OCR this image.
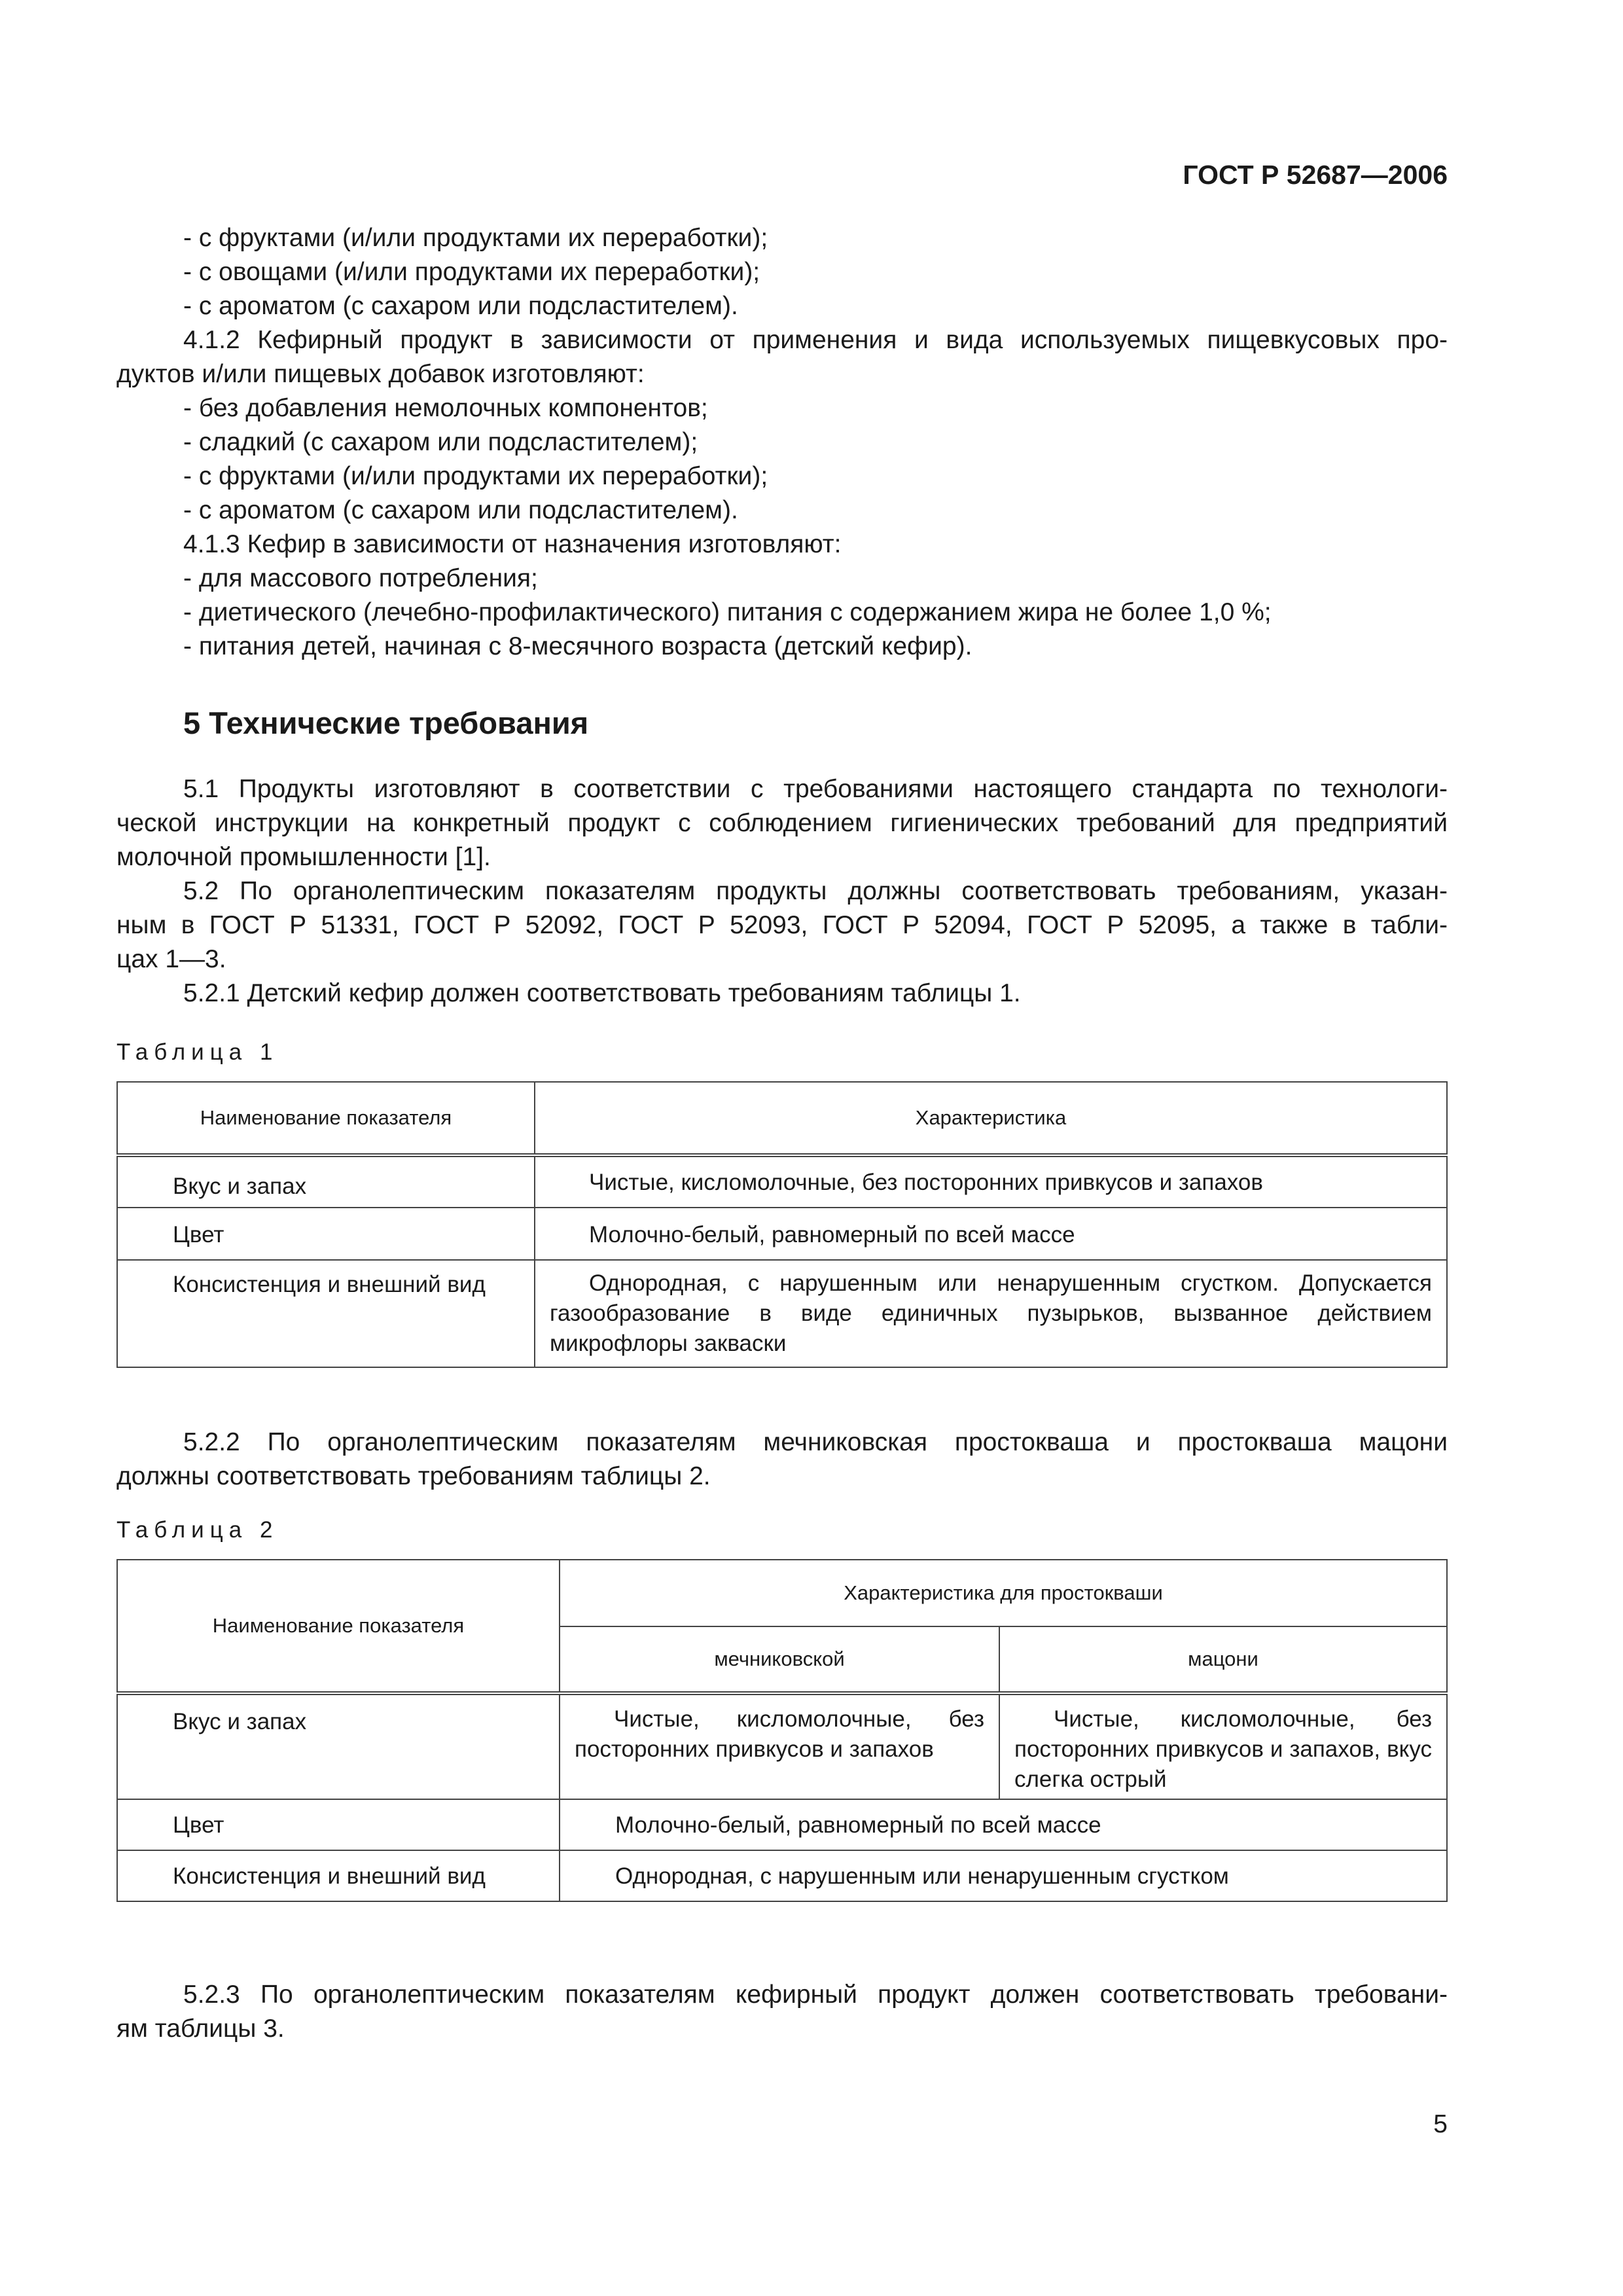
ГОСТ Р 52687—2006
- с фруктами (и/или продуктами их переработки);
- с овощами (и/или продуктами их переработки);
- с ароматом (с сахаром или подсластителем).
4.1.2 Кефирный продукт в зависимости от применения и вида используемых пищевкусовых про-
дуктов и/или пищевых добавок изготовляют:
- без добавления немолочных компонентов;
- сладкий (с сахаром или подсластителем);
- с фруктами (и/или продуктами их переработки);
- с ароматом (с сахаром или подсластителем).
4.1.3 Кефир в зависимости от назначения изготовляют:
- для массового потребления;
- диетического (лечебно-профилактического) питания с содержанием жира не более 1,0 %;
- питания детей, начиная с 8-месячного возраста (детский кефир).
5 Технические требования
5.1 Продукты изготовляют в соответствии с требованиями настоящего стандарта по технологи-
ческой инструкции на конкретный продукт с соблюдением гигиенических требований для предприятий
молочной промышленности [1].
5.2 По органолептическим показателям продукты должны соответствовать требованиям, указан-
ным в ГОСТ Р 51331, ГОСТ Р 52092, ГОСТ Р 52093, ГОСТ Р 52094, ГОСТ Р 52095, а также в табли-
цах 1—3.
5.2.1 Детский кефир должен соответствовать требованиям таблицы 1.
Таблица 1
Наименование показателя	Характеристика
Вкус и запах	Чистые, кисломолочные, без посторонних привкусов и запахов
Цвет	Молочно-белый, равномерный по всей массе
Консистенция и внешний вид	Однородная, с нарушенным или ненарушенным сгустком. Допускается газообразование в виде единичных пузырьков, вызванное действием микрофлоры закваски
5.2.2 По органолептическим показателям мечниковская простокваша и простокваша мацони
должны соответствовать требованиям таблицы 2.
Таблица 2
Наименование показателя	Характеристика для простокваши	
	мечниковской	мацони
Вкус и запах	Чистые, кисломолочные, без посторонних привкусов и запахов	Чистые, кисломолочные, без посторонних привкусов и запахов, вкус слегка острый
Цвет	Молочно-белый, равномерный по всей массе	
Консистенция и внешний вид	Однородная, с нарушенным или ненарушенным сгустком	
5.2.3 По органолептическим показателям кефирный продукт должен соответствовать требовани-
ям таблицы 3.
5
